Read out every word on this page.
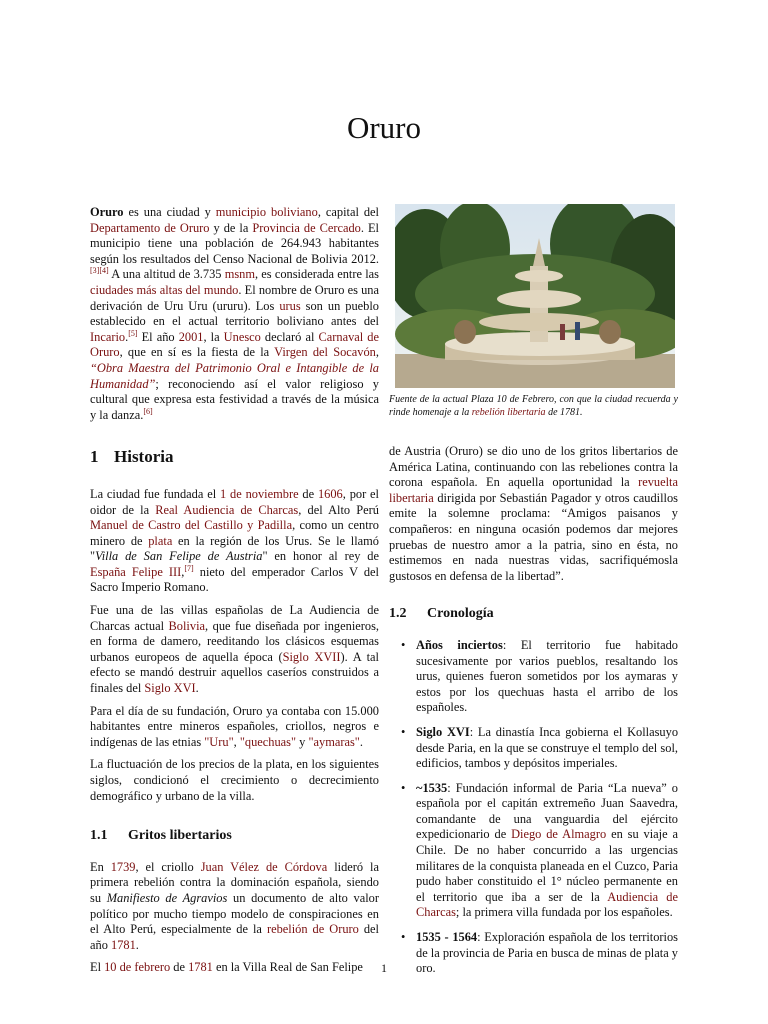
Oruro

Oruro es una ciudad y municipio boliviano, capital del Departamento de Oruro y de la Provincia de Cercado. El municipio tiene una población de 264.943 habitantes según los resultados del Censo Nacional de Bolivia 2012.[3][4] A una altitud de 3.735 msnm, es considerada entre las ciudades más altas del mundo. El nombre de Oruro es una derivación de Uru Uru (ururu). Los urus son un pueblo establecido en el actual territorio boliviano antes del Incario.[5] El año 2001, la Unesco declaró al Carnaval de Oruro, que en sí es la fiesta de la Virgen del Socavón, “Obra Maestra del Patrimonio Oral e Intangible de la Humanidad”; reconociendo así el valor religioso y cultural que expresa esta festividad a través de la música y la danza.[6]

1 Historia

La ciudad fue fundada el 1 de noviembre de 1606, por el oidor de la Real Audiencia de Charcas, del Alto Perú Manuel de Castro del Castillo y Padilla, como un centro minero de plata en la región de los Urus. Se le llamó "Villa de San Felipe de Austria" en honor al rey de España Felipe III,[7] nieto del emperador Carlos V del Sacro Imperio Romano.

Fue una de las villas españolas de La Audiencia de Charcas actual Bolivia, que fue diseñada por ingenieros, en forma de damero, reeditando los clásicos esquemas urbanos europeos de aquella época (Siglo XVII). A tal efecto se mandó destruir aquellos caseríos construidos a finales del Siglo XVI.

Para el día de su fundación, Oruro ya contaba con 15.000 habitantes entre mineros españoles, criollos, negros e indígenas de las etnias "Uru", "quechuas" y "aymaras".

La fluctuación de los precios de la plata, en los siguientes siglos, condicionó el crecimiento o decrecimiento demográfico y urbano de la villa.

1.1 Gritos libertarios

En 1739, el criollo Juan Vélez de Córdova lideró la primera rebelión contra la dominación española, siendo su Manifiesto de Agravios un documento de alto valor político por mucho tiempo modelo de conspiraciones en el Alto Perú, especialmente de la rebelión de Oruro del año 1781.

El 10 de febrero de 1781 en la Villa Real de San Felipe

Fuente de la actual Plaza 10 de Febrero, con que la ciudad recuerda y rinde homenaje a la rebelión libertaria de 1781.

de Austria (Oruro) se dio uno de los gritos libertarios de América Latina, continuando con las rebeliones contra la corona española. En aquella oportunidad la revuelta libertaria dirigida por Sebastián Pagador y otros caudillos emite la solemne proclama: “Amigos paisanos y compañeros: en ninguna ocasión podemos dar mejores pruebas de nuestro amor a la patria, sino en ésta, no estimemos en nada nuestras vidas, sacrifiquémosla gustosos en defensa de la libertad”.

1.2 Cronología
• Años inciertos: El territorio fue habitado sucesivamente por varios pueblos, resaltando los urus, quienes fueron sometidos por los aymaras y estos por los quechuas hasta el arribo de los españoles.
• Siglo XVI: La dinastía Inca gobierna el Kollasuyo desde Paria, en la que se construye el templo del sol, edificios, tambos y depósitos imperiales.
• ~1535: Fundación informal de Paria “La nueva” o española por el capitán extremeño Juan Saavedra, comandante de una vanguardia del ejército expedicionario de Diego de Almagro en su viaje a Chile. De no haber concurrido a las urgencias militares de la conquista planeada en el Cuzco, Paria pudo haber constituido el 1° núcleo permanente en el territorio que iba a ser de la Audiencia de Charcas; la primera villa fundada por los españoles.
• 1535 - 1564: Exploración española de los territorios de la provincia de Paria en busca de minas de plata y oro.
1
